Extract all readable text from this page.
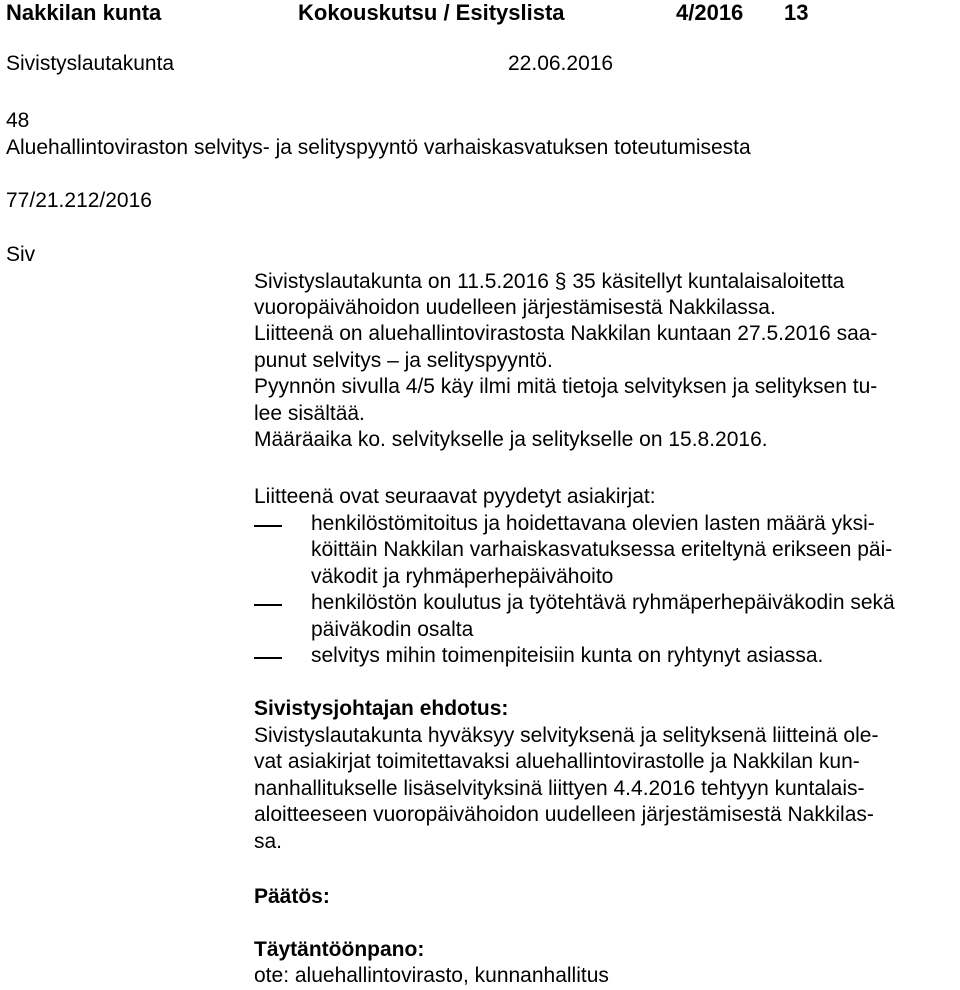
Nakkilan kunta	Kokouskutsu / Esityslista	4/2016 13
Sivistyslautakunta	22.06.2016
48
Aluehallintoviraston selvitys- ja selityspyyntö varhaiskasvatuksen toteutumisesta
77/21.212/2016
Siv
Sivistyslautakunta on 11.5.2016 § 35 käsitellyt kuntalaisaloitetta
vuoropäivähoidon uudelleen järjestämisestä Nakkilassa.
Liitteenä on aluehallintovirastosta Nakkilan kuntaan 27.5.2016 saa-
punut selvitys – ja selityspyyntö.
Pyynnön sivulla 4/5 käy ilmi mitä tietoja selvityksen ja selityksen tu-
lee sisältää.
Määräaika ko. selvitykselle ja selitykselle on 15.8.2016.
Liitteenä ovat seuraavat pyydetyt asiakirjat:
henkilöstömitoitus ja hoidettavana olevien lasten määrä yksi-
köittäin Nakkilan varhaiskasvatuksessa eriteltynä erikseen päi-
väkodit ja ryhmäperhepäivähoito
henkilöstön koulutus ja työtehtävä ryhmäperhepäiväkodin sekä
päiväkodin osalta
selvitys mihin toimenpiteisiin kunta on ryhtynyt asiassa.
Sivistysjohtajan ehdotus:
Sivistyslautakunta hyväksyy selvityksenä ja selityksenä liitteinä ole-
vat asiakirjat toimitettavaksi aluehallintovirastolle ja Nakkilan kun-
nanhallitukselle lisäselvityksinä liittyen 4.4.2016 tehtyyn kuntalais-
aloitteeseen vuoropäivähoidon uudelleen järjestämisestä Nakkilas-
sa.
Päätös:
Täytäntöönpano:
ote: aluehallintovirasto, kunnanhallitus
